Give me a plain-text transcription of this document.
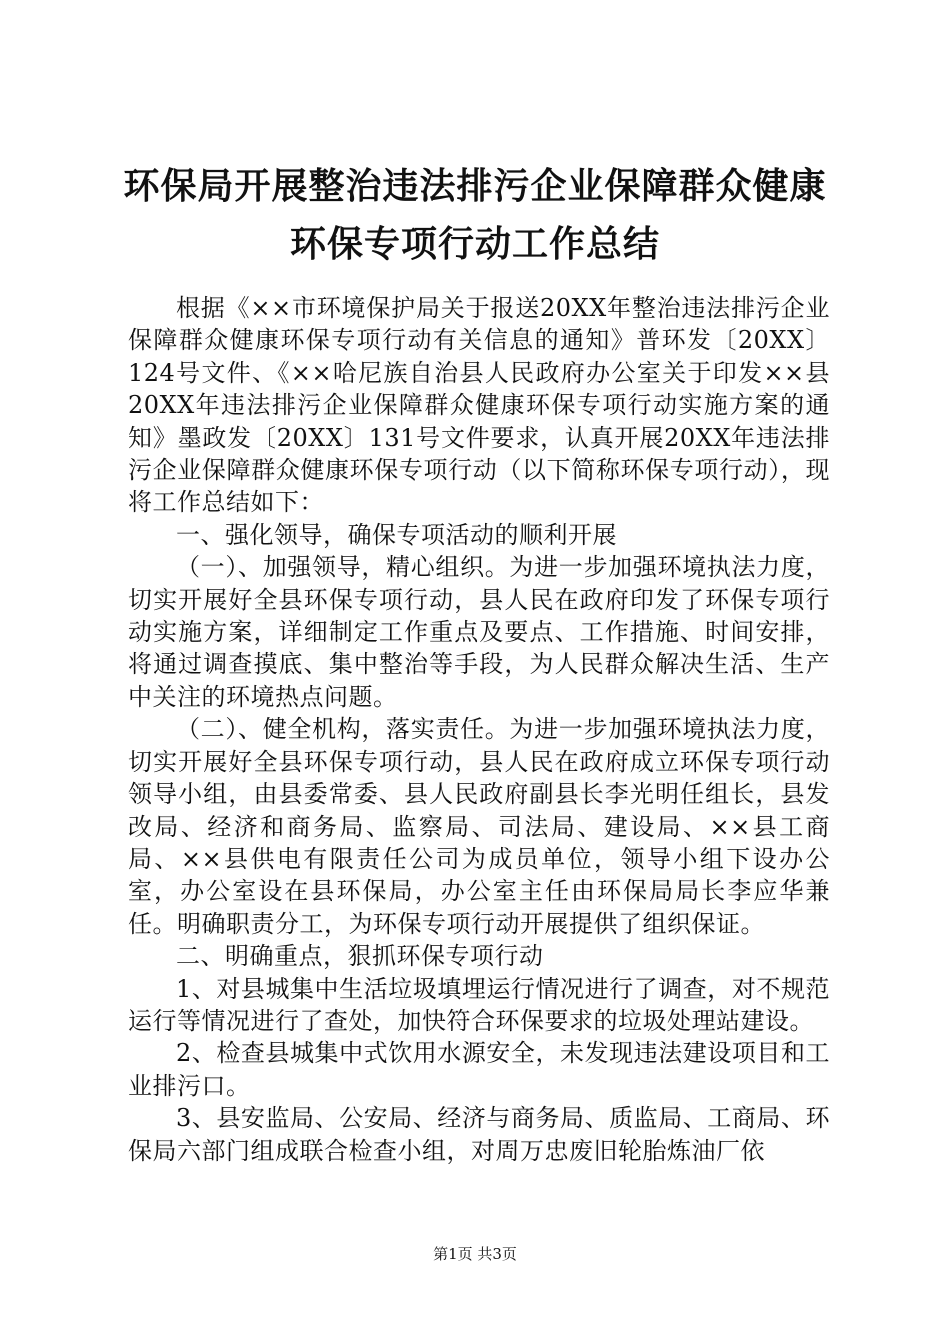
环保局开展整治违法排污企业保障群众健康环保专项行动工作总结

根据《××市环境保护局关于报送20XX年整治违法排污企业保障群众健康环保专项行动有关信息的通知》普环发〔20XX〕124号文件、《××哈尼族自治县人民政府办公室关于印发××县20XX年违法排污企业保障群众健康环保专项行动实施方案的通知》墨政发〔20XX〕131号文件要求，认真开展20XX年违法排污企业保障群众健康环保专项行动（以下简称环保专项行动），现将工作总结如下：

一、强化领导，确保专项活动的顺利开展

（一）、加强领导，精心组织。为进一步加强环境执法力度，切实开展好全县环保专项行动，县人民在政府印发了环保专项行动实施方案，详细制定工作重点及要点、工作措施、时间安排，将通过调查摸底、集中整治等手段，为人民群众解决生活、生产中关注的环境热点问题。

（二）、健全机构，落实责任。为进一步加强环境执法力度，切实开展好全县环保专项行动，县人民在政府成立环保专项行动领导小组，由县委常委、县人民政府副县长李光明任组长，县发改局、经济和商务局、监察局、司法局、建设局、××县工商局、××县供电有限责任公司为成员单位，领导小组下设办公室，办公室设在县环保局，办公室主任由环保局局长李应华兼任。明确职责分工，为环保专项行动开展提供了组织保证。

二、明确重点，狠抓环保专项行动

1、对县城集中生活垃圾填埋运行情况进行了调查，对不规范运行等情况进行了查处，加快符合环保要求的垃圾处理站建设。

2、检查县城集中式饮用水源安全，未发现违法建设项目和工业排污口。

3、县安监局、公安局、经济与商务局、质监局、工商局、环保局六部门组成联合检查小组，对周万忠废旧轮胎炼油厂依

第1页 共3页
